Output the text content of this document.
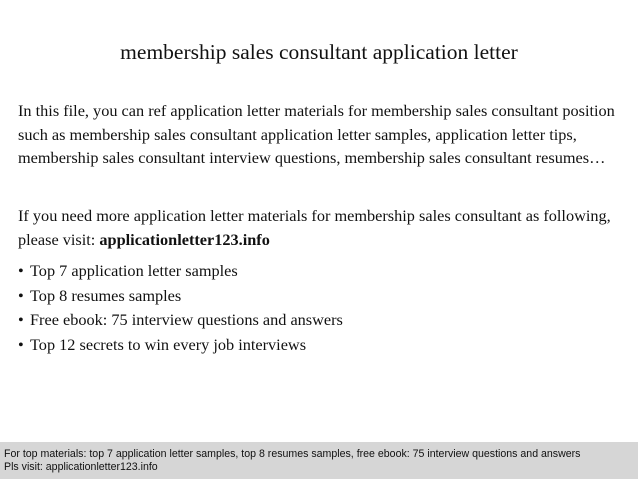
membership sales consultant application letter

In this file, you can ref application letter materials for membership sales consultant position such as membership sales consultant application letter samples, application letter tips, membership sales consultant interview questions, membership sales consultant resumes…

If you need more application letter materials for membership sales consultant as following, please visit: applicationletter123.info

• Top 7 application letter samples
• Top 8 resumes samples
• Free ebook: 75 interview questions and answers
• Top 12 secrets to win every job interviews
For top materials: top 7 application letter samples, top 8 resumes samples, free ebook: 75 interview questions and answers
Pls visit: applicationletter123.info
